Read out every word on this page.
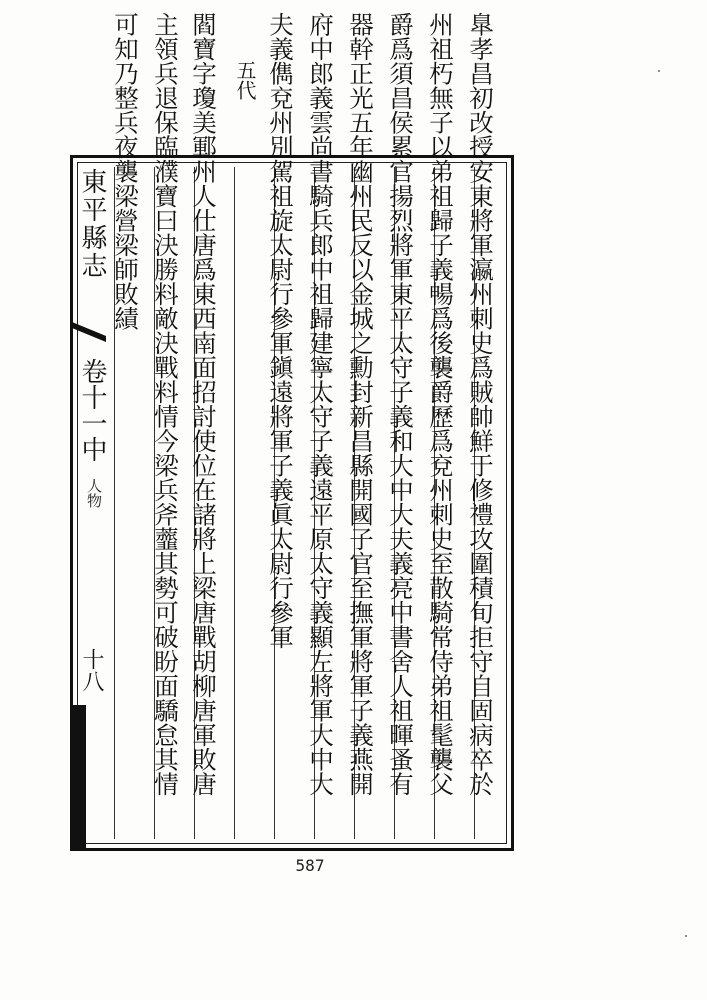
臯孝昌初改授安東將軍瀛州刺史爲賊帥鮮于修禮攻圍積旬拒守自固病卒於
州祖朽無子以弟祖歸子義暢爲後襲爵歷爲兗州刺史至散騎常侍弟祖髦襲父
爵爲須昌侯累官揚烈將軍東平太守子義和大中大夫義亮中書舍人祖暉蚤有
器幹正光五年幽州民反以金城之勳封新昌縣開國子官至撫軍將軍子義燕開
府中郎義雲尚書騎兵郎中祖歸建寧太守子義遠平原太守義顯左將軍大中大
夫義儁兗州別駕祖旋太尉行參軍鎭遠將軍子義眞太尉行參軍
五代
閻寶字瓊美鄆州人仕唐爲東西南面招討使位在諸將上梁唐戰胡柳唐軍敗唐
主領兵退保臨濮寶曰決勝料敵決戰料情今梁兵斧虀其勢可破盼面驕怠其情
可知乃整兵夜襲梁營梁師敗績
東平縣志
卷十一中
人物
十八
587
